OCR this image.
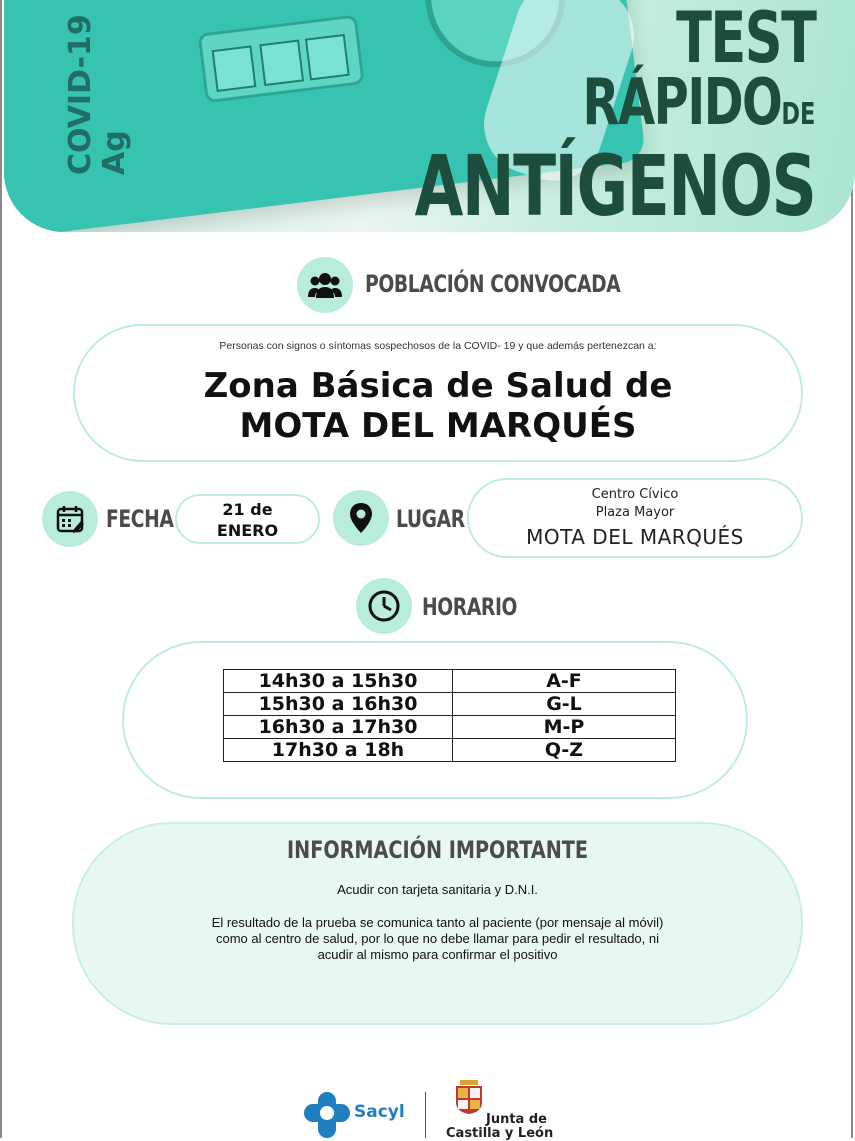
COVID-19 Ag
TEST
RÁPIDODE
ANTÍGENOS
POBLACIÓN CONVOCADA
Personas con signos o síntomas sospechosos de la COVID- 19 y que además pertenezcan a:
Zona Básica de Salud de
MOTA DEL MARQUÉS
FECHA	21 de
ENERO	LUGAR
Centro Cívico
Plaza Mayor
MOTA DEL MARQUÉS
HORARIO
14h30 a 15h30	A-F
15h30 a 16h30	G-L
16h30 a 17h30	M-P
17h30 a 18h	Q-Z
INFORMACIÓN IMPORTANTE
Acudir con tarjeta sanitaria y D.N.I.
El resultado de la prueba se comunica tanto al paciente (por mensaje al móvil)
como al centro de salud, por lo que no debe llamar para pedir el resultado, ni
acudir al mismo para confirmar el positivo
Sacyl	Junta de
Castilla y León
